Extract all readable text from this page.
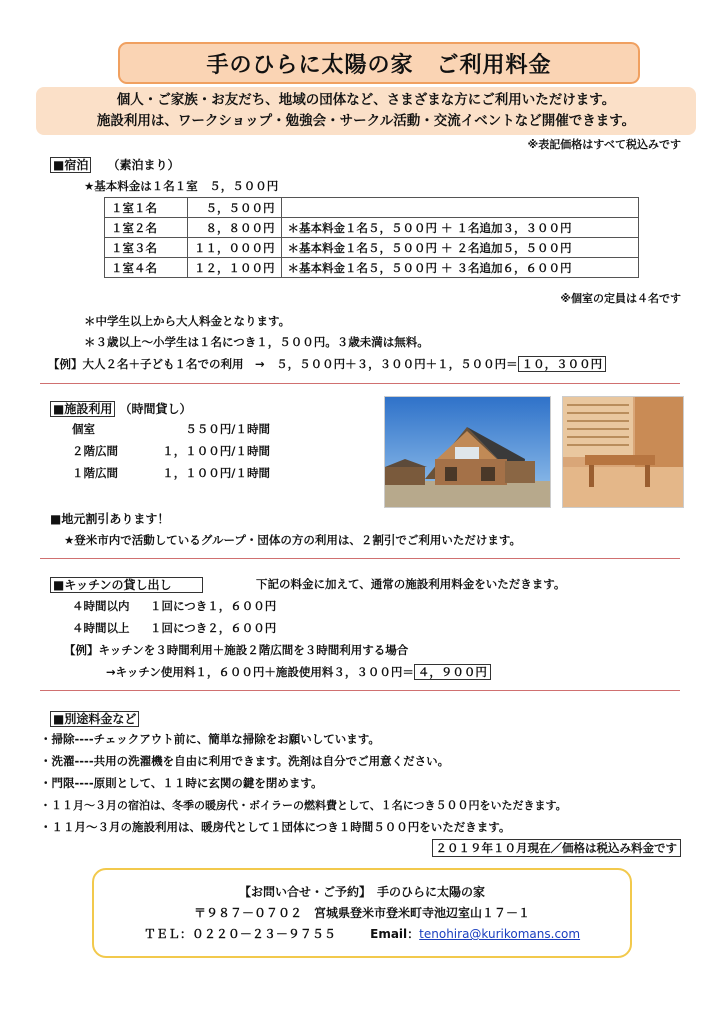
手のひらに太陽の家　ご利用料金
個人・ご家族・お友だち、地域の団体など、さまざまな方にご利用いただけます。
施設利用は、ワークショップ・勉強会・サークル活動・交流イベントなど開催できます。
※表記価格はすべて税込みです
■宿泊 （素泊まり）
★基本料金は１名１室　５，５００円
１室１名	５，５００円	
１室２名	８，８００円	＊基本料金１名５，５００円 ＋ １名追加３，３００円
１室３名	１１，０００円	＊基本料金１名５，５００円 ＋ ２名追加５，５００円
１室４名	１２，１００円	＊基本料金１名５，５００円 ＋ ３名追加６，６００円
※個室の定員は４名です
＊中学生以上から大人料金となります。
＊３歳以上～小学生は１名につき１，５００円。３歳未満は無料。
【例】大人２名＋子ども１名での利用　→　５，５００円＋３，３００円＋１，５００円＝ １０，３００円
■施設利用 （時間貸し）
個室	５５０円/１時間
２階広間	１，１００円/１時間
１階広間	１，１００円/１時間
■地元割引あります！
★登米市内で活動しているグループ・団体の方の利用は、２割引でご利用いただけます。
■キッチンの貸し出し	下記の料金に加えて、通常の施設利用料金をいただきます。
４時間以内 １回につき１，６００円
４時間以上 １回につき２，６００円
【例】キッチンを３時間利用＋施設２階広間を３時間利用する場合
→キッチン使用料１，６００円＋施設使用料３，３００円＝ ４，９００円
■別途料金など
・掃除----チェックアウト前に、簡単な掃除をお願いしています。
・洗濯----共用の洗濯機を自由に利用できます。洗剤は自分でご用意ください。
・門限----原則として、１１時に玄関の鍵を閉めます。
・１１月～３月の宿泊は、冬季の暖房代・ボイラーの燃料費として、１名につき５００円をいただきます。
・１１月～３月の施設利用は、暖房代として１団体につき１時間５００円をいただきます。
２０１９年１０月現在／価格は税込み料金です
【お問い合せ・ご予約】　手のひらに太陽の家
〒９８７－０７０２　宮城県登米市登米町寺池辺室山１７－１
ＴＥＬ：０２２０－２３－９７５５	Email：tenohira@kurikomans.com
